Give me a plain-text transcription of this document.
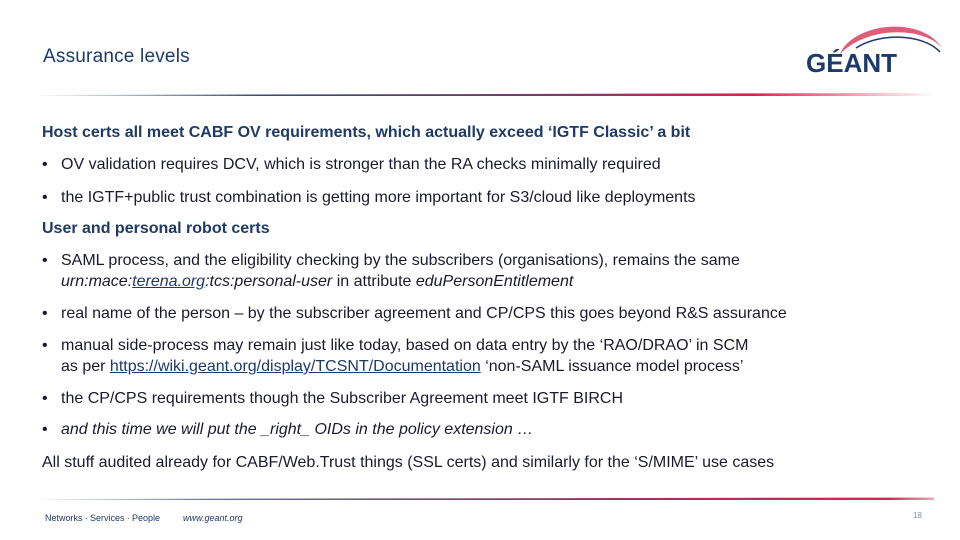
Assurance levels	GÉANT
Host certs all meet CABF OV requirements, which actually exceed ‘IGTF Classic’ a bit
• OV validation requires DCV, which is stronger than the RA checks minimally required
• the IGTF+public trust combination is getting more important for S3/cloud like deployments
User and personal robot certs
• SAML process, and the eligibility checking by the subscribers (organisations), remains the same
urn:mace:terena.org:tcs:personal-user in attribute eduPersonEntitlement
• real name of the person – by the subscriber agreement and CP/CPS this goes beyond R&S assurance
• manual side-process may remain just like today, based on data entry by the ‘RAO/DRAO’ in SCM
as per https://wiki.geant.org/display/TCSNT/Documentation ‘non-SAML issuance model process’
• the CP/CPS requirements though the Subscriber Agreement meet IGTF BIRCH
• and this time we will put the _right_ OIDs in the policy extension …
All stuff audited already for CABF/Web.Trust things (SSL certs) and similarly for the ‘S/MIME’ use cases
Networks ∙ Services ∙ People	www.geant.org	18
